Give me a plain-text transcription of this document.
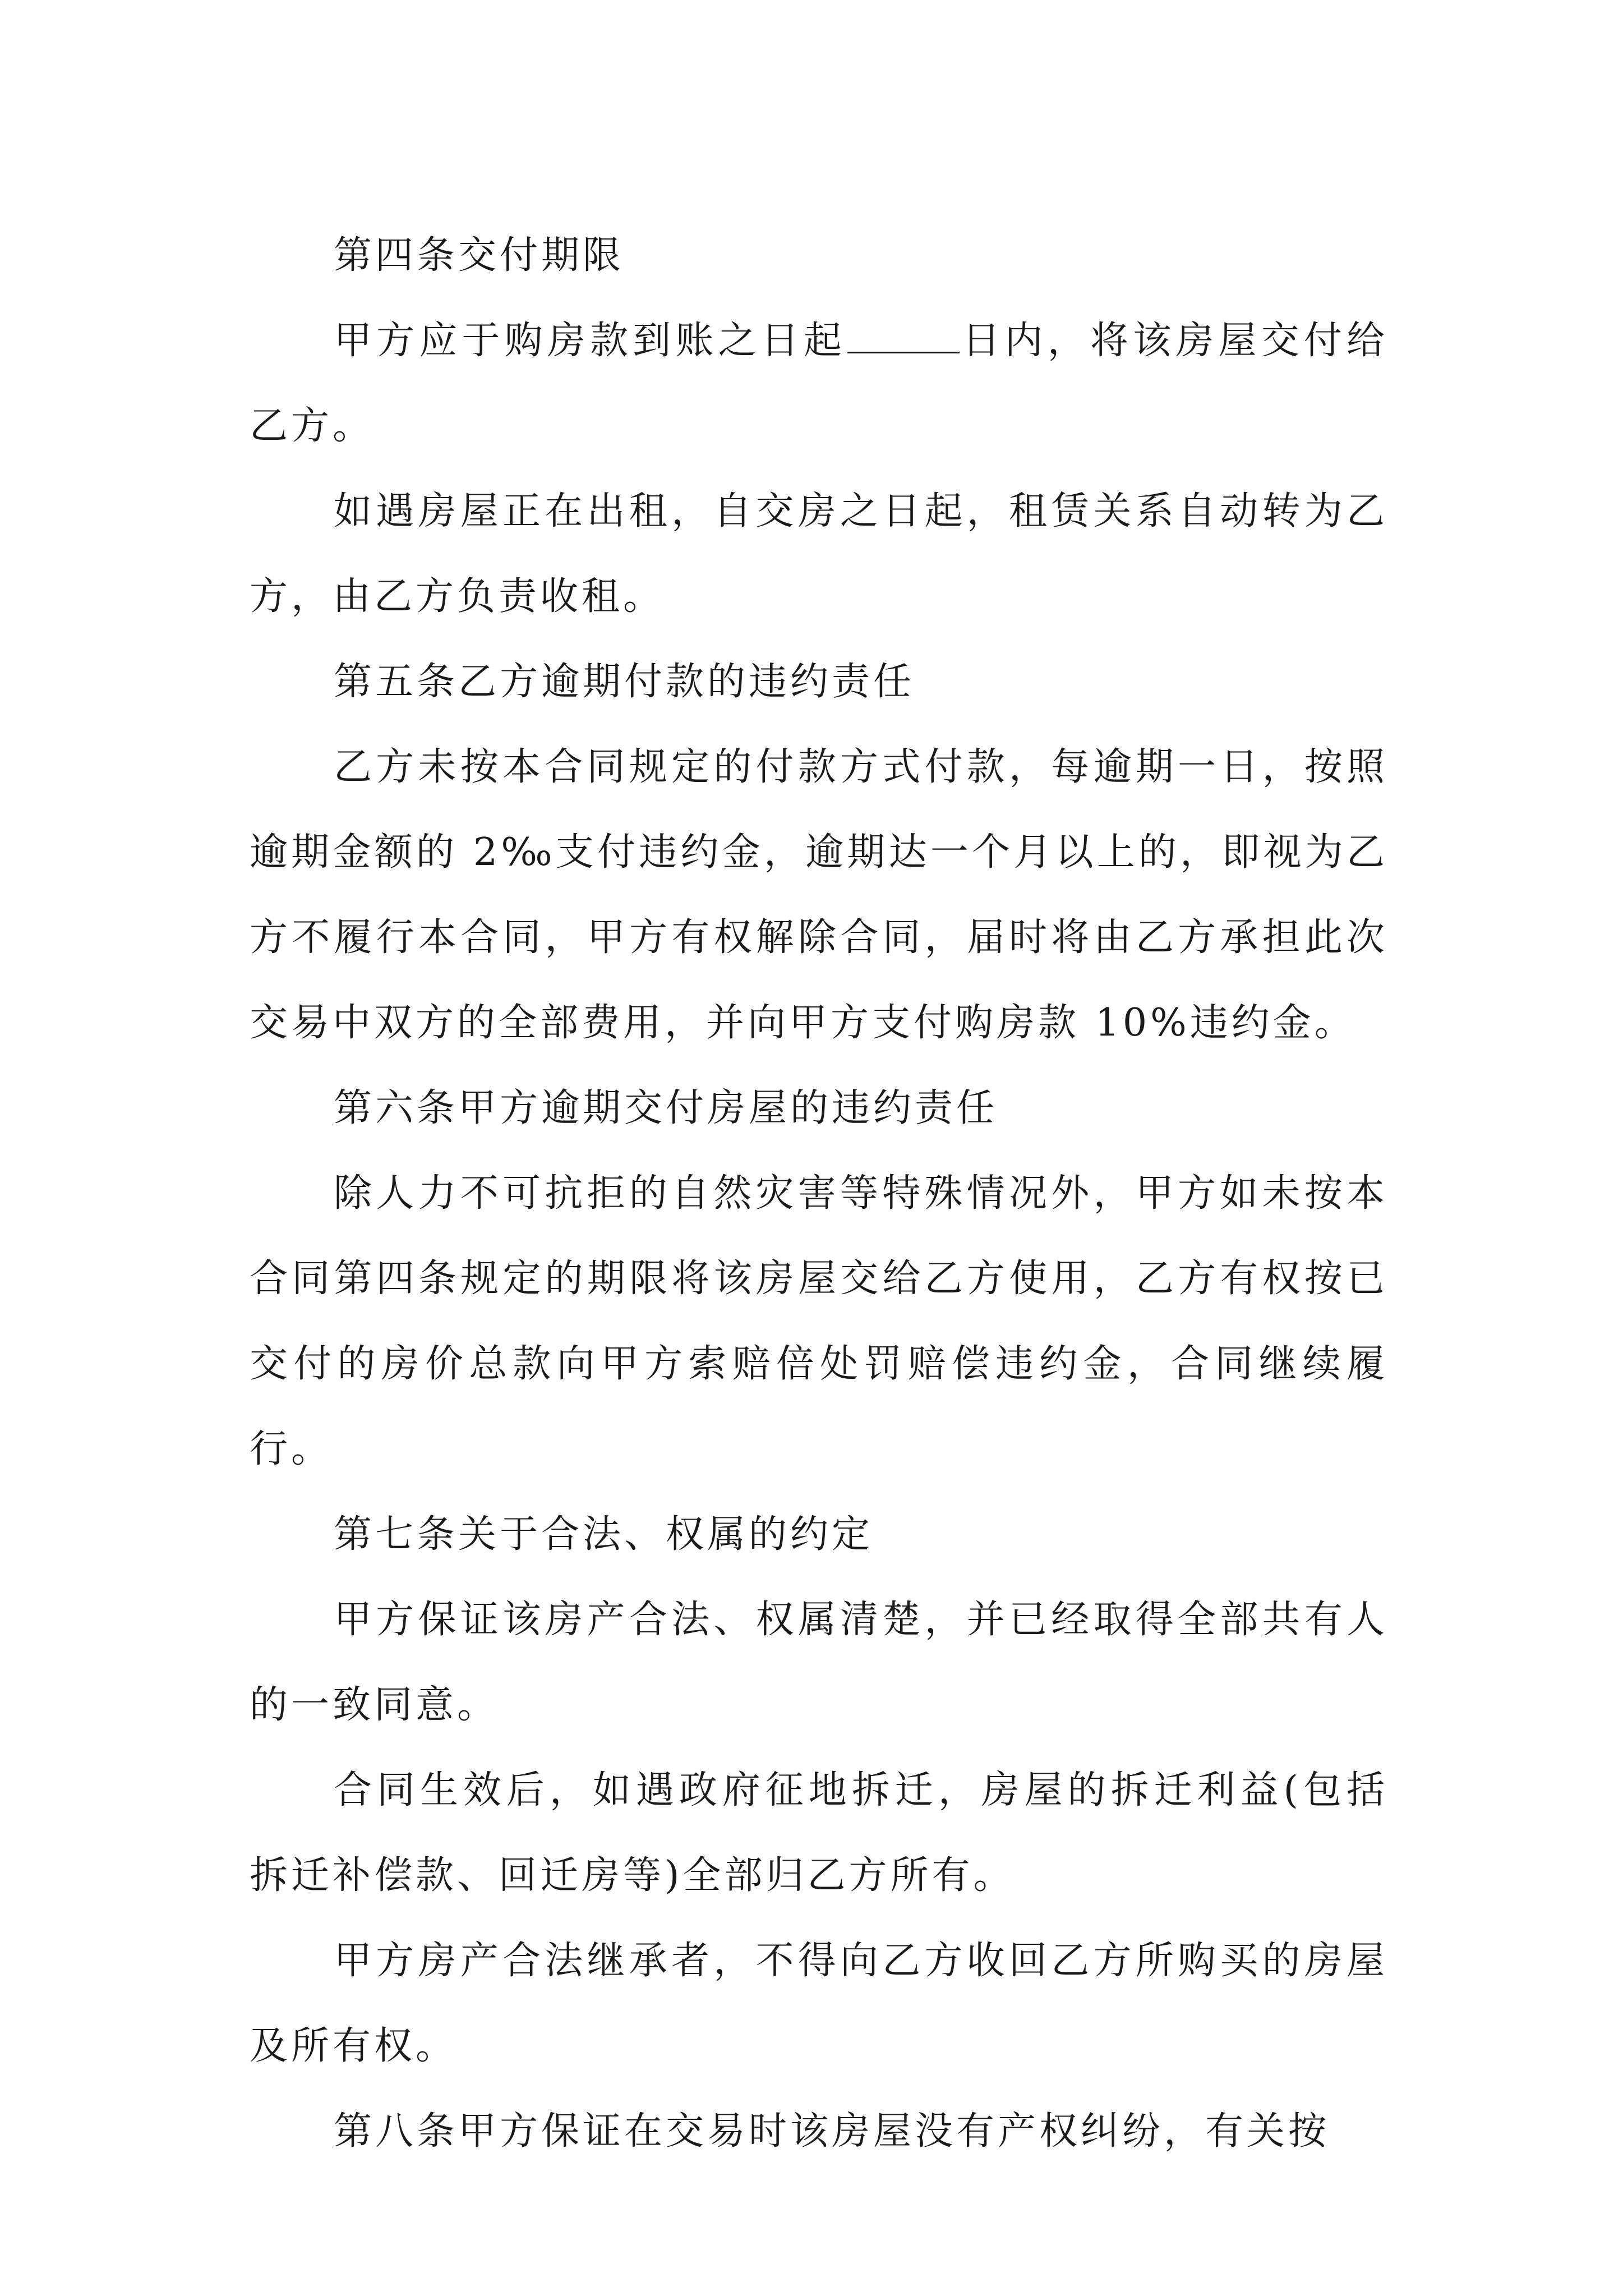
第四条交付期限

甲方应于购房款到账之日起	日内，将该房屋交付给乙方。

如遇房屋正在出租，自交房之日起，租赁关系自动转为乙方，由乙方负责收租。

第五条乙方逾期付款的违约责任

乙方未按本合同规定的付款方式付款，每逾期一日，按照逾期金额的 2‰支付违约金，逾期达一个月以上的，即视为乙方不履行本合同，甲方有权解除合同，届时将由乙方承担此次交易中双方的全部费用，并向甲方支付购房款 10%违约金。

第六条甲方逾期交付房屋的违约责任

除人力不可抗拒的自然灾害等特殊情况外，甲方如未按本合同第四条规定的期限将该房屋交给乙方使用，乙方有权按已交付的房价总款向甲方索赔倍处罚赔偿违约金，合同继续履行。

第七条关于合法、权属的约定

甲方保证该房产合法、权属清楚，并已经取得全部共有人的一致同意。

合同生效后，如遇政府征地拆迁，房屋的拆迁利益(包括拆迁补偿款、回迁房等)全部归乙方所有。

甲方房产合法继承者，不得向乙方收回乙方所购买的房屋及所有权。

第八条甲方保证在交易时该房屋没有产权纠纷，有关按
